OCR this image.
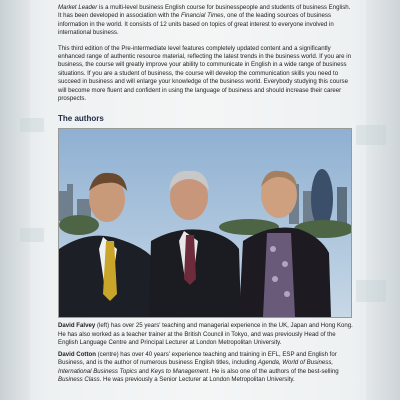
Market Leader is a multi-level business English course for businesspeople and students of business English. It has been developed in association with the Financial Times, one of the leading sources of business information in the world. It consists of 12 units based on topics of great interest to everyone involved in international business.

This third edition of the Pre-intermediate level features completely updated content and a significantly enhanced range of authentic resource material, reflecting the latest trends in the business world. If you are in business, the course will greatly improve your ability to communicate in English in a wide range of business situations. If you are a student of business, the course will develop the communication skills you need to succeed in business and will enlarge your knowledge of the business world. Everybody studying this course will become more fluent and confident in using the language of business and should increase their career prospects.

The authors

David Falvey (left) has over 25 years' teaching and managerial experience in the UK, Japan and Hong Kong. He has also worked as a teacher trainer at the British Council in Tokyo, and was previously Head of the English Language Centre and Principal Lecturer at London Metropolitan University.

David Cotton (centre) has over 40 years' experience teaching and training in EFL, ESP and English for Business, and is the author of numerous business English titles, including Agenda, World of Business, International Business Topics and Keys to Management. He is also one of the authors of the best-selling Business Class. He was previously a Senior Lecturer at London Metropolitan University.
